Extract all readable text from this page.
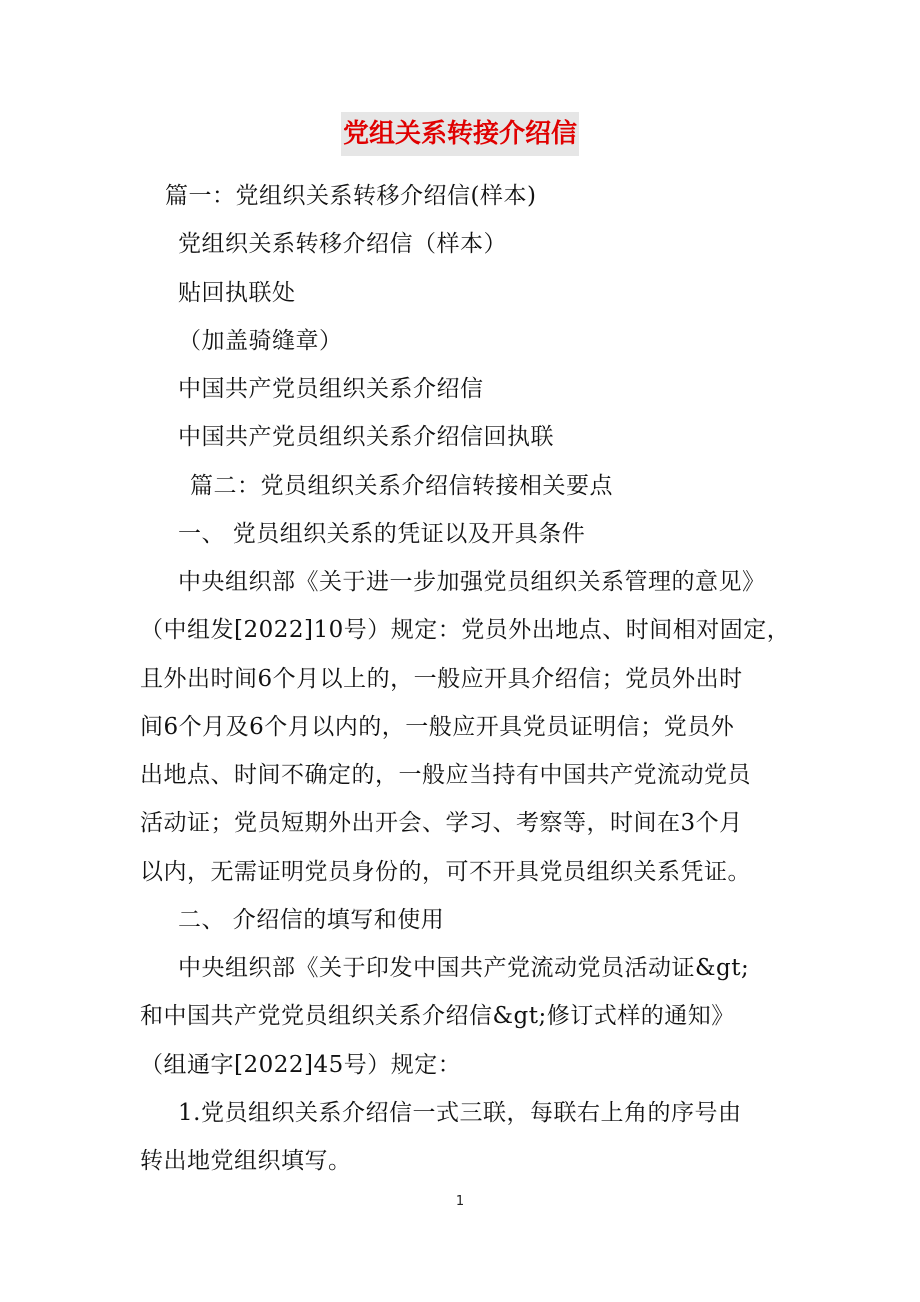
党组关系转接介绍信
篇一：党组织关系转移介绍信(样本)
党组织关系转移介绍信（样本）
贴回执联处
（加盖骑缝章）
中国共产党员组织关系介绍信
中国共产党员组织关系介绍信回执联
篇二：党员组织关系介绍信转接相关要点
一、 党员组织关系的凭证以及开具条件
中央组织部《关于进一步加强党员组织关系管理的意见》
（中组发[2022]10号）规定：党员外出地点、时间相对固定，
且外出时间6个月以上的，一般应开具介绍信；党员外出时
间6个月及6个月以内的，一般应开具党员证明信；党员外
出地点、时间不确定的，一般应当持有中国共产党流动党员
活动证；党员短期外出开会、学习、考察等，时间在3个月
以内，无需证明党员身份的，可不开具党员组织关系凭证。
二、 介绍信的填写和使用
中央组织部《关于印发中国共产党流动党员活动证&gt;
和中国共产党党员组织关系介绍信&gt;修订式样的通知》
（组通字[2022]45号）规定：
1.党员组织关系介绍信一式三联，每联右上角的序号由
转出地党组织填写。
1
